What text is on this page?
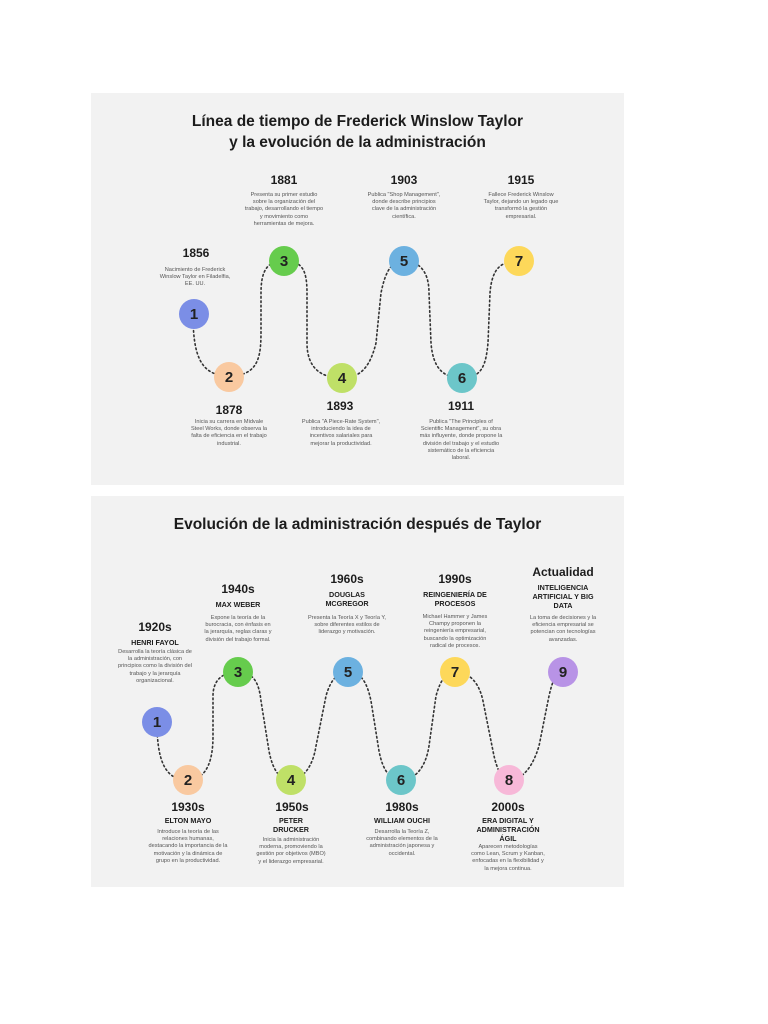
Línea de tiempo de Frederick Winslow Taylor
y la evolución de la administración
1
2
3
4
5
6
7
1856
Nacimiento de Frederick Winslow Taylor en Filadelfia, EE. UU.
1878
Inicia su carrera en Midvale Steel Works, donde observa la falta de eficiencia en el trabajo industrial.
1881
Presenta su primer estudio sobre la organización del trabajo, desarrollando el tiempo y movimiento como herramientas de mejora.
1893
Publica "A Piece-Rate System", introduciendo la idea de incentivos salariales para mejorar la productividad.
1903
Publica "Shop Management", donde describe principios clave de la administración científica.
1911
Publica "The Principles of Scientific Management", su obra más influyente, donde propone la división del trabajo y el estudio sistemático de la eficiencia laboral.
1915
Fallece Frederick Winslow Taylor, dejando un legado que transformó la gestión empresarial.
Evolución de la administración después de Taylor
1
2
3
4
5
6
7
8
9
1920s
HENRI FAYOL
Desarrolla la teoría clásica de la administración, con principios como la división del trabajo y la jerarquía organizacional.
1930s
ELTON MAYO
Introduce la teoría de las relaciones humanas, destacando la importancia de la motivación y la dinámica de grupo en la productividad.
1940s
MAX WEBER
Expone la teoría de la burocracia, con énfasis en la jerarquía, reglas claras y división del trabajo formal.
1950s
PETER DRUCKER
Inicia la administración moderna, promoviendo la gestión por objetivos (MBO) y el liderazgo empresarial.
1960s
DOUGLAS MCGREGOR
Presenta la Teoría X y Teoría Y, sobre diferentes estilos de liderazgo y motivación.
1980s
WILLIAM OUCHI
Desarrolla la Teoría Z, combinando elementos de la administración japonesa y occidental.
1990s
REINGENIERÍA DE PROCESOS
Michael Hammer y James Champy proponen la reingeniería empresarial, buscando la optimización radical de procesos.
2000s
ERA DIGITAL Y ADMINISTRACIÓN ÁGIL
Aparecen metodologías como Lean, Scrum y Kanban, enfocadas en la flexibilidad y la mejora continua.
Actualidad
INTELIGENCIA ARTIFICIAL Y BIG DATA
La toma de decisiones y la eficiencia empresarial se potencian con tecnologías avanzadas.
